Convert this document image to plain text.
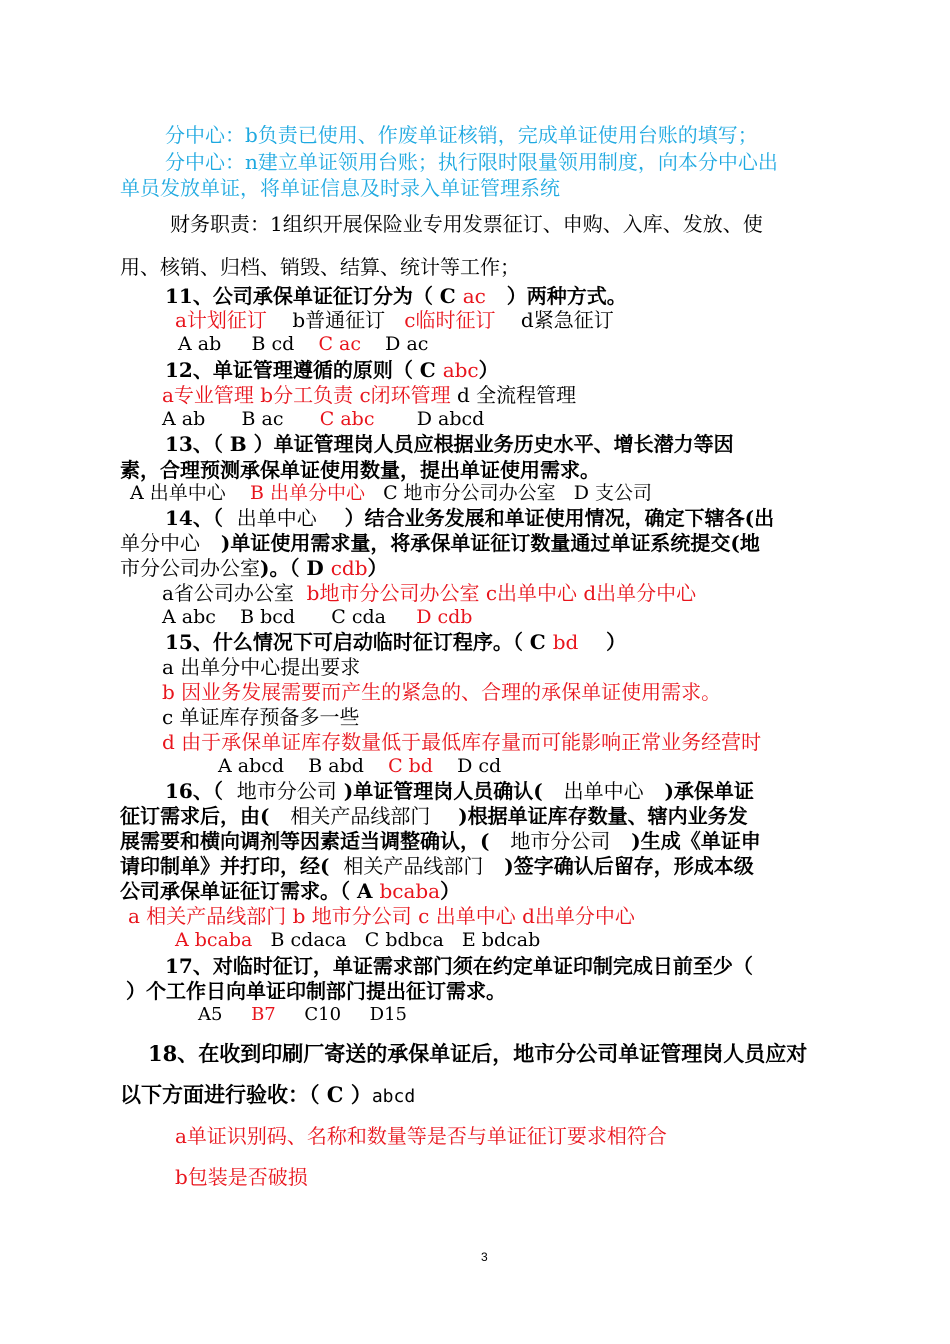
分中心：b负责已使用、作废单证核销，完成单证使用台账的填写；
分中心：n建立单证领用台账；执行限时限量领用制度，向本分中心出
单员发放单证，将单证信息及时录入单证管理系统
财务职责：1组织开展保险业专用发票征订、申购、入库、发放、使
用、核销、归档、销毁、结算、统计等工作；
11、公司承保单证征订分为（ C ac ）两种方式。
a计划征订 b普通征订 c临时征订 d紧急征订
A ab B cd C ac D ac
12、单证管理遵循的原则（ C abc）
a专业管理 b分工负责 c闭环管理 d 全流程管理
A ab B ac C abc D abcd
13、（ B ）单证管理岗人员应根据业务历史水平、增长潜力等因
素，合理预测承保单证使用数量，提出单证使用需求。
A 出单中心 B 出单分中心 C 地市分公司办公室 D 支公司
14、（ 出单中心 ）结合业务发展和单证使用情况，确定下辖各(出
单分中心 )单证使用需求量，将承保单证征订数量通过单证系统提交(地
市分公司办公室)。（ D cdb）
a省公司办公室 b地市分公司办公室 c出单中心 d出单分中心
A abc B bcd C cda D cdb
15、什么情况下可启动临时征订程序。（ C bd ）
a 出单分中心提出要求
b 因业务发展需要而产生的紧急的、合理的承保单证使用需求。
c 单证库存预备多一些
d 由于承保单证库存数量低于最低库存量而可能影响正常业务经营时
A abcd B abd C bd D cd
16、（ 地市分公司 )单证管理岗人员确认( 出单中心 )承保单证
征订需求后，由( 相关产品线部门 )根据单证库存数量、辖内业务发
展需要和横向调剂等因素适当调整确认，( 地市分公司 )生成《单证申
请印制单》并打印，经( 相关产品线部门 )签字确认后留存，形成本级
公司承保单证征订需求。（ A bcaba）
a 相关产品线部门 b 地市分公司 c 出单中心 d出单分中心
A bcaba B cdaca C bdbca E bdcab
17、对临时征订，单证需求部门须在约定单证印制完成日前至少（
）个工作日向单证印制部门提出征订需求。
A5 B7 C10 D15
18、在收到印刷厂寄送的承保单证后，地市分公司单证管理岗人员应对
以下方面进行验收：（ C ）abcd
a单证识别码、名称和数量等是否与单证征订要求相符合
b包装是否破损
3
